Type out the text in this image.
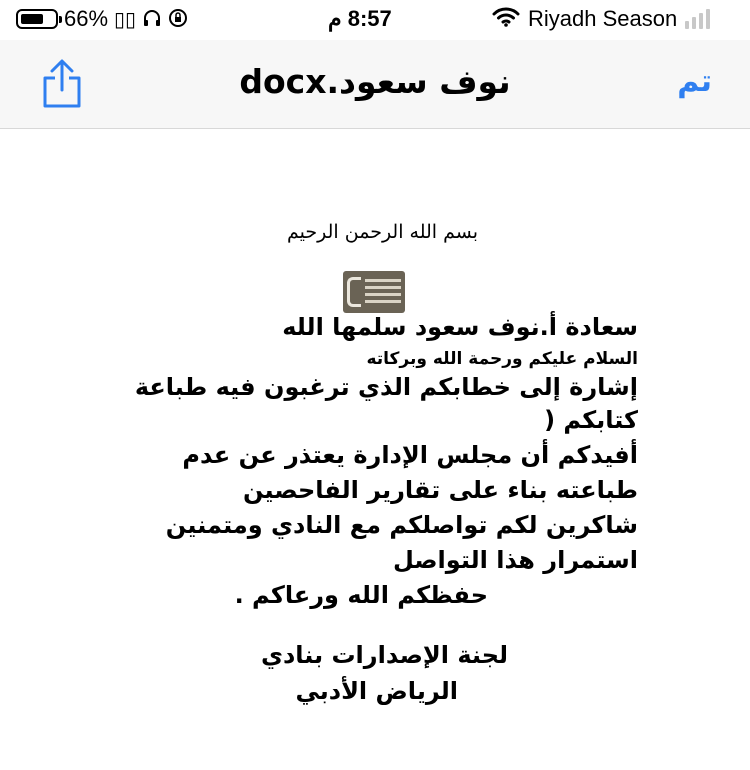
66% ▯▯	8:57 م	Riyadh Season
نوف سعود.docx	تم
بسم الله الرحمن الرحيم
سعادة أ.نوف سعود سلمها الله
السلام عليكم ورحمة الله وبركاته
إشارة إلى خطابكم الذي ترغبون فيه طباعة
كتابكم (
أفيدكم أن مجلس الإدارة يعتذر عن عدم
طباعته بناء على تقارير الفاحصين
شاكرين لكم تواصلكم مع النادي ومتمنين
استمرار هذا التواصل
حفظكم الله ورعاكم .
لجنة الإصدارات بنادي
الرياض الأدبي
